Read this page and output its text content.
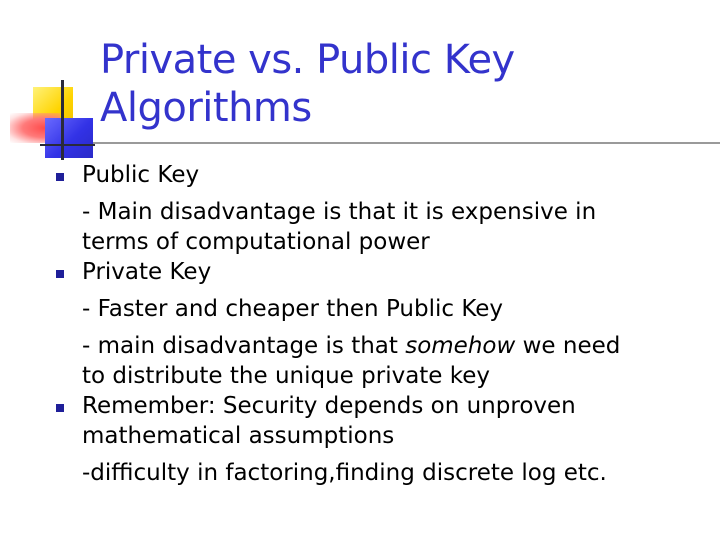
Private vs. Public Key
Algorithms
Public Key
- Main disadvantage is that it is expensive in
terms of computational power
Private Key
- Faster and cheaper then Public Key
- main disadvantage is that somehow we need
to distribute the unique private key
Remember: Security depends on unproven
mathematical assumptions
-difficulty in factoring,finding discrete log etc.
